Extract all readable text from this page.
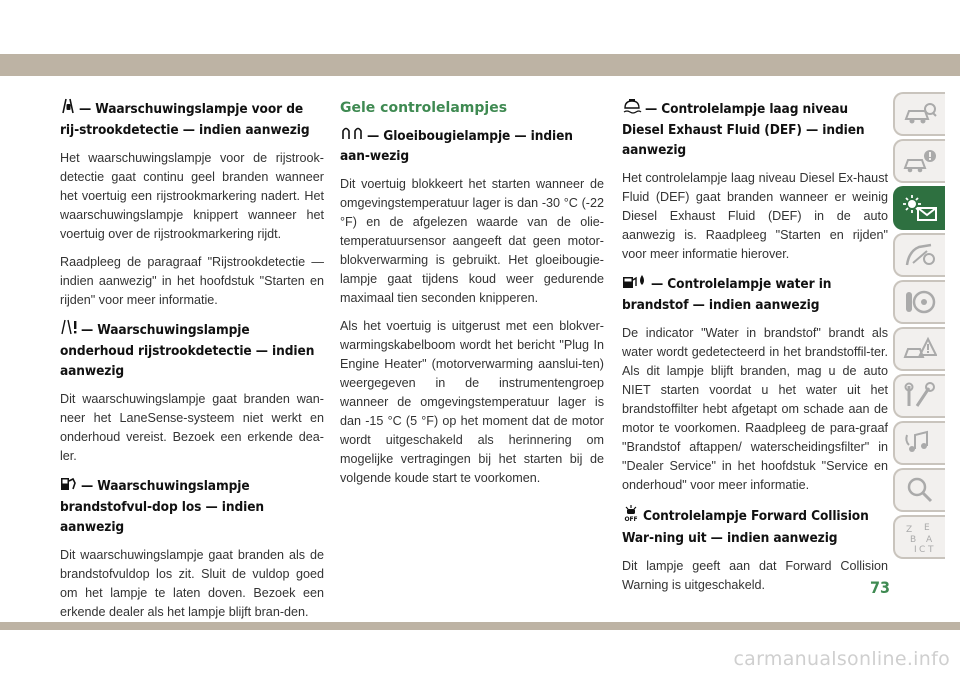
— Waarschuwingslampje voor de rij-strookdetectie — indien aanwezig

Het waarschuwingslampje voor de rijstrook-detectie gaat continu geel branden wanneer het voertuig een rijstrookmarkering nadert. Het waarschuwingslampje knippert wanneer het voertuig over de rijstrookmarkering rijdt.

Raadpleeg de paragraaf "Rijstrookdetectie — indien aanwezig" in het hoofdstuk "Starten en rijden" voor meer informatie.

— Waarschuwingslampje onderhoud rijstrookdetectie — indien aanwezig

Dit waarschuwingslampje gaat branden wan-neer het LaneSense-systeem niet werkt en onderhoud vereist. Bezoek een erkende dea-ler.

— Waarschuwingslampje brandstofvul-dop los — indien aanwezig

Dit waarschuwingslampje gaat branden als de brandstofvuldop los zit. Sluit de vuldop goed om het lampje te laten doven. Bezoek een erkende dealer als het lampje blijft bran-den.

Gele controlelampjes
— Gloeibougielampje — indien aan-wezig

Dit voertuig blokkeert het starten wanneer de omgevingstemperatuur lager is dan -30 °C (-22 °F) en de afgelezen waarde van de olie-temperatuursensor aangeeft dat geen motor-blokverwarming is gebruikt. Het gloeibougie-lampje gaat tijdens koud weer gedurende maximaal tien seconden knipperen.

Als het voertuig is uitgerust met een blokver-warmingskabelboom wordt het bericht "Plug In Engine Heater" (motorverwarming aanslui-ten) weergegeven in de instrumentengroep wanneer de omgevingstemperatuur lager is dan -15 °C (5 °F) op het moment dat de motor wordt uitgeschakeld als herinnering om mogelijke vertragingen bij het starten bij de volgende koude start te voorkomen.

— Controlelampje laag niveau Diesel Exhaust Fluid (DEF) — indien aanwezig

Het controlelampje laag niveau Diesel Ex-haust Fluid (DEF) gaat branden wanneer er weinig Diesel Exhaust Fluid (DEF) in de auto aanwezig is. Raadpleeg "Starten en rijden" voor meer informatie hierover.

— Controlelampje water in brandstof — indien aanwezig

De indicator "Water in brandstof" brandt als water wordt gedetecteerd in het brandstoffil-ter. Als dit lampje blijft branden, mag u de auto NIET starten voordat u het water uit het brandstoffilter hebt afgetapt om schade aan de motor te voorkomen. Raadpleeg de para-graaf "Brandstof aftappen/ waterscheidingsfilter" in "Dealer Service" in het hoofdstuk "Service en onderhoud" voor meer informatie.

OFF Controlelampje Forward Collision War-ning uit — indien aanwezig

Dit lampje geeft aan dat Forward Collision Warning is uitgeschakeld.

Z E
B A
I C T
73
carmanualsonline.info
